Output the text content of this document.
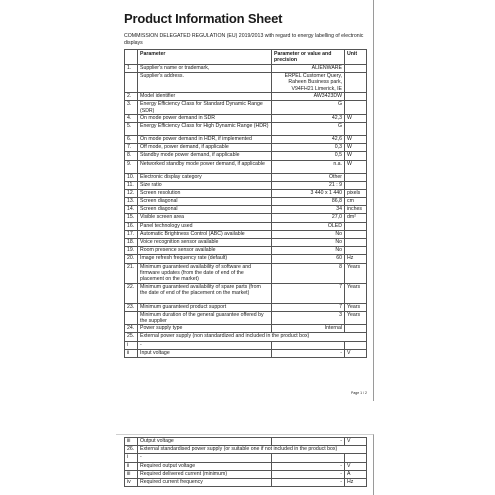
Product Information Sheet
COMMISSION DELEGATED REGULATION (EU) 2019/2013 with regard to energy labelling of electronic displays
	Parameter	Parameter or value and precision	Unit
1.	Supplier's name or trademark,	ALIENWARE	
	Supplier's address.	ERPEL Customer Query, Raheen Business park, V94FH21 Limerick, IE	
2.	Model identifier	AW3423DW	
3.	Energy Efficiency Class for Standard Dynamic Range (SDR)	G	
4.	On mode power demand in SDR	42,3	W
5.	Energy Efficiency Class for High Dynamic Range (HDR)	G	
6.	On mode power demand in HDR, if implemented	42,6	W
7.	Off mode, power demand, if applicable	0,3	W
8.	Standby mode power demand, if applicable	0,5	W
9.	Networked standby mode power demand, if applicable	n.a.	W
10.	Electronic display category	Other	
11.	Size ratio	21 : 9	
12.	Screen resolution	3 440 x 1 440	pixels
13.	Screen diagonal	86,8	cm
14.	Screen diagonal	34	inches
15.	Visible screen area	27,0	dm²
16.	Panel technology used	OLED	
17.	Automatic Brightness Control (ABC) available	No	
18.	Voice recognition sensor available	No	
19.	Room presence sensor available	No	
20.	Image refresh frequency rate (default)	60	Hz
21.	Minimum guaranteed availability of software and firmware updates (from the date of end of the placement on the market)	8	Years
22.	Minimum guaranteed availability of spare parts (from the date of end of the placement on the market)	7	Years
23.	Minimum guaranteed product support	7	Years
	Minimum duration of the general guarantee offered by the supplier	3	Years
24.	Power supply type	Internal	
25.	External power supply (non standardized and included in the product box)		
i	-		
ii	Input voltage	-	V
Page 1 / 2
iii	Output voltage	-	V
26.	External standardised power supply (or suitable one if not included in the product box)		
i	-		
ii	Required output voltage	-	V
iii	Required delivered current (minimum)	-	A
iv	Required current frequency	-	Hz
